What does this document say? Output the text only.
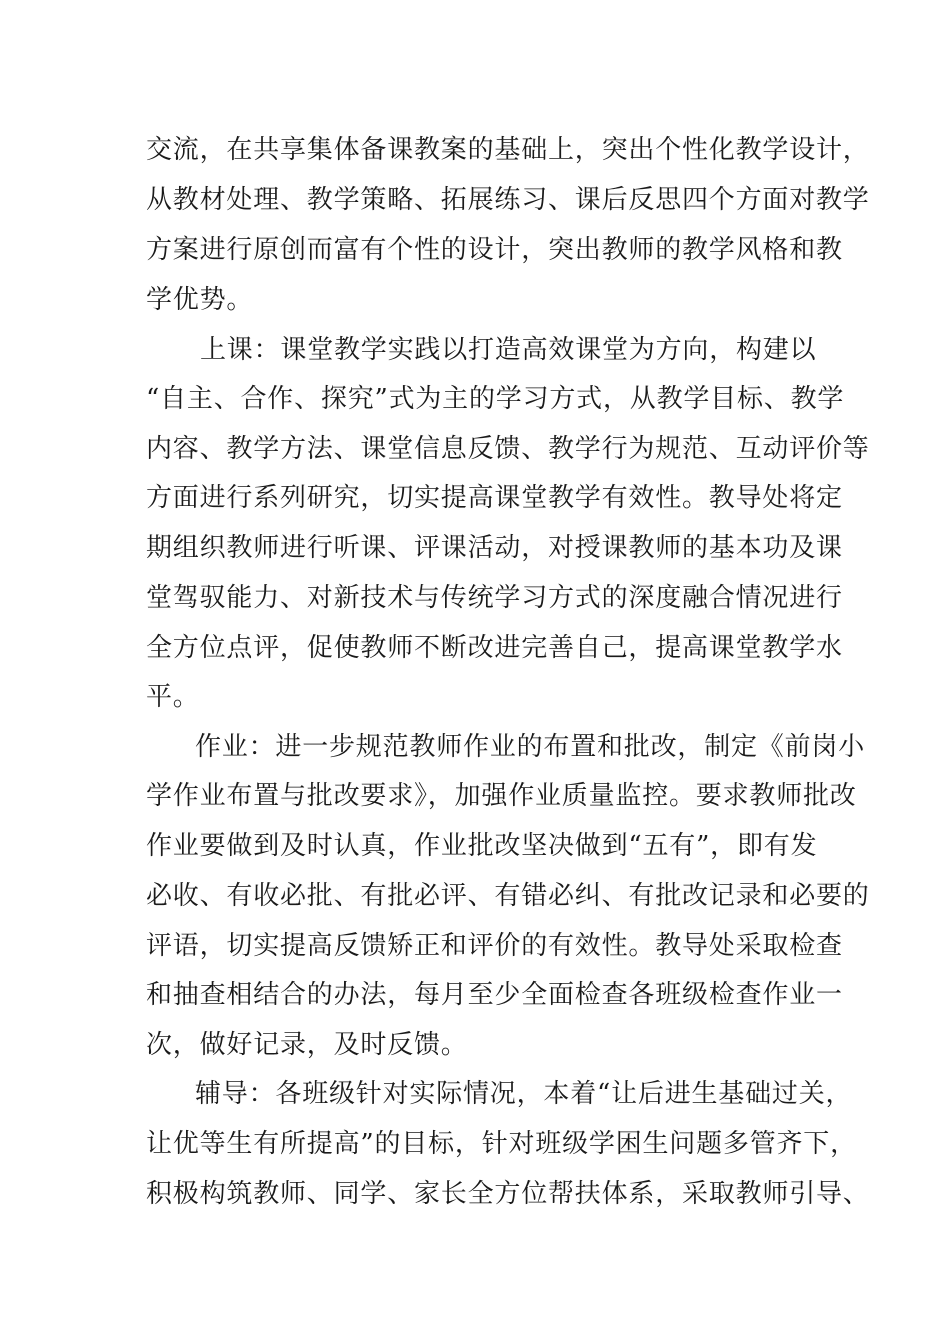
交流，在共享集体备课教案的基础上，突出个性化教学设计，
从教材处理、教学策略、拓展练习、课后反思四个方面对教学
方案进行原创而富有个性的设计，突出教师的教学风格和教
学优势。
上课：课堂教学实践以打造高效课堂为方向，构建以
“自主、合作、探究”式为主的学习方式，从教学目标、教学
内容、教学方法、课堂信息反馈、教学行为规范、互动评价等
方面进行系列研究，切实提高课堂教学有效性。教导处将定
期组织教师进行听课、评课活动，对授课教师的基本功及课
堂驾驭能力、对新技术与传统学习方式的深度融合情况进行
全方位点评，促使教师不断改进完善自己，提高课堂教学水
平。
作业：进一步规范教师作业的布置和批改，制定《前岗小
学作业布置与批改要求》，加强作业质量监控。要求教师批改
作业要做到及时认真，作业批改坚决做到“五有”，即有发
必收、有收必批、有批必评、有错必纠、有批改记录和必要的
评语，切实提高反馈矫正和评价的有效性。教导处采取检查
和抽查相结合的办法，每月至少全面检查各班级检查作业一
次，做好记录，及时反馈。
辅导：各班级针对实际情况，本着“让后进生基础过关，
让优等生有所提高”的目标，针对班级学困生问题多管齐下，
积极构筑教师、同学、家长全方位帮扶体系，采取教师引导、
